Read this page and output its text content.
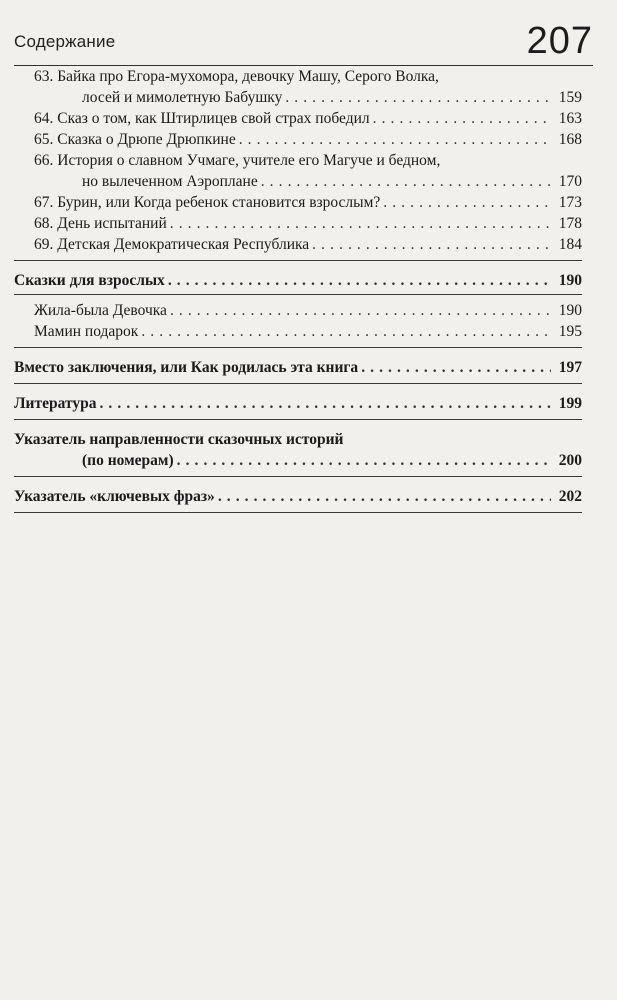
Содержание	207
63. Байка про Егора-мухомора, девочку Машу, Серого Волка,
лосей и мимолетную Бабушку . . .	159
64. Сказ о том, как Штирлицев свой страх победил . . .	163
65. Сказка о Дрюпе Дрюпкине . . .	168
66. История о славном Учмаге, учителе его Магуче и бедном,
но вылеченном Аэроплане . . .	170
67. Бурин, или Когда ребенок становится взрослым? . . .	173
68. День испытаний . . .	178
69. Детская Демократическая Республика . . .	184
Сказки для взрослых . . .	190
Жила-была Девочка . . .	190
Мамин подарок . . .	195
Вместо заключения, или Как родилась эта книга . . .	197
Литература . . .	199
Указатель направленности сказочных историй
(по номерам) . . .	200
Указатель «ключевых фраз» . . .	202
